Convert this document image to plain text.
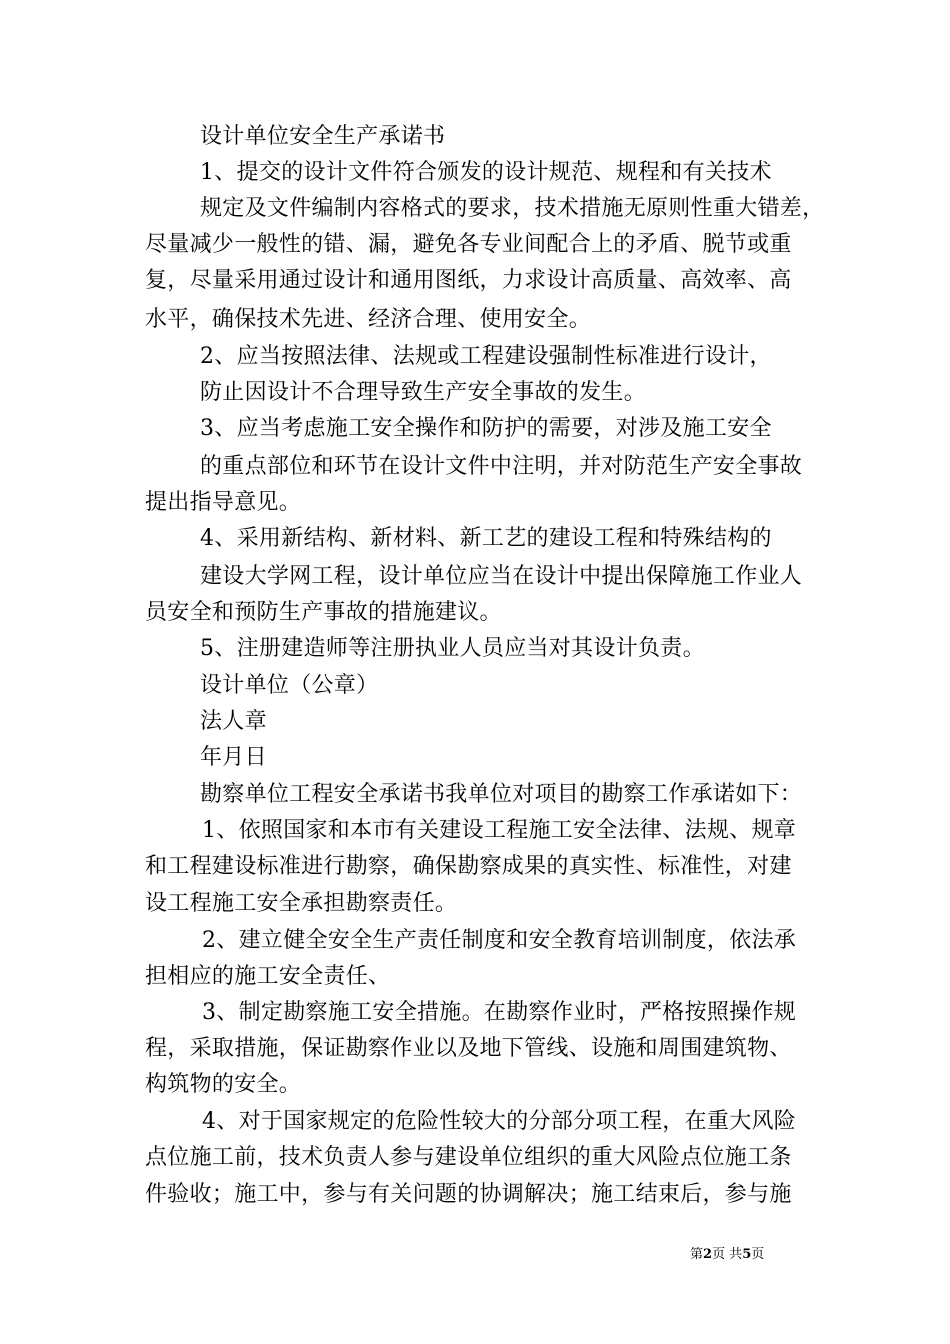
设计单位安全生产承诺书
1、提交的设计文件符合颁发的设计规范、规程和有关技术
规定及文件编制内容格式的要求，技术措施无原则性重大错差，
尽量减少一般性的错、漏，避免各专业间配合上的矛盾、脱节或重
复，尽量采用通过设计和通用图纸，力求设计高质量、高效率、高
水平，确保技术先进、经济合理、使用安全。
2、应当按照法律、法规或工程建设强制性标准进行设计，
防止因设计不合理导致生产安全事故的发生。
3、应当考虑施工安全操作和防护的需要，对涉及施工安全
的重点部位和环节在设计文件中注明，并对防范生产安全事故
提出指导意见。
4、采用新结构、新材料、新工艺的建设工程和特殊结构的
建设大学网工程，设计单位应当在设计中提出保障施工作业人
员安全和预防生产事故的措施建议。
5、注册建造师等注册执业人员应当对其设计负责。
设计单位（公章）
法人章
年月日
勘察单位工程安全承诺书我单位对项目的勘察工作承诺如下：
1、依照国家和本市有关建设工程施工安全法律、法规、规章
和工程建设标准进行勘察，确保勘察成果的真实性、标准性，对建
设工程施工安全承担勘察责任。
2、建立健全安全生产责任制度和安全教育培训制度，依法承
担相应的施工安全责任、
3、制定勘察施工安全措施。在勘察作业时，严格按照操作规
程，采取措施，保证勘察作业以及地下管线、设施和周围建筑物、
构筑物的安全。
4、对于国家规定的危险性较大的分部分项工程，在重大风险
点位施工前，技术负责人参与建设单位组织的重大风险点位施工条
件验收；施工中，参与有关问题的协调解决；施工结束后，参与施
第2页 共5页
